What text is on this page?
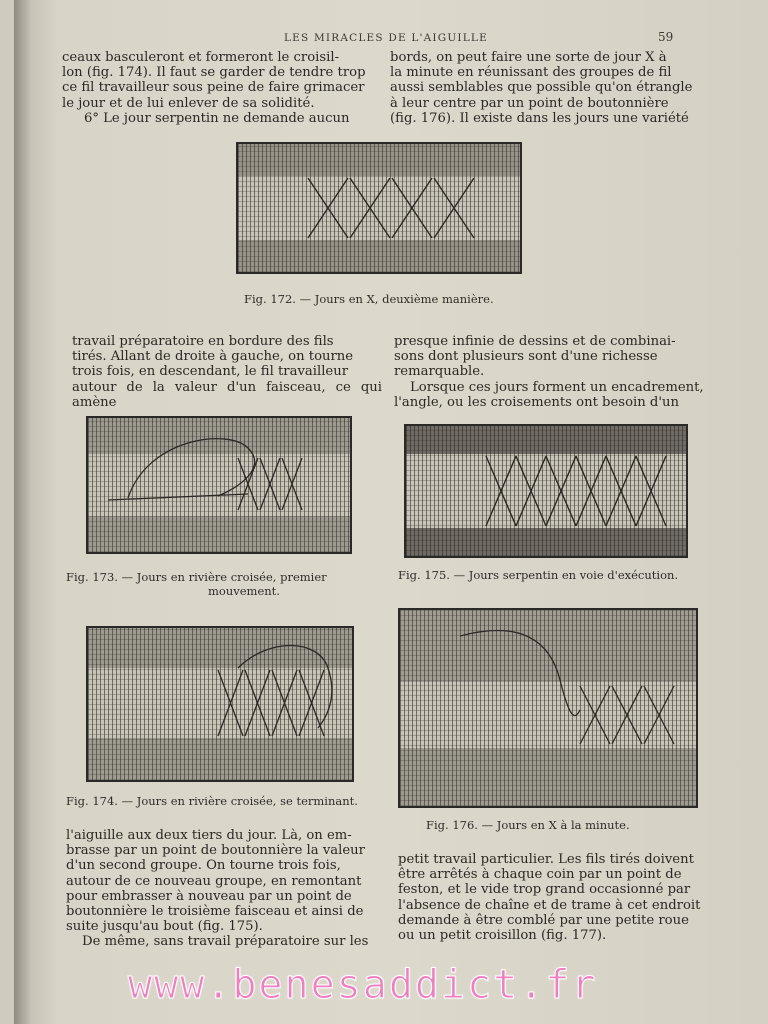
LES MIRACLES DE L'AIGUILLE	59
ceaux basculeront et formeront le croisil-
lon (fig. 174). Il faut se garder de tendre trop
ce fil travailleur sous peine de faire grimacer
le jour et de lui enlever de sa solidité.
6° Le jour serpentin ne demande aucun
bords, on peut faire une sorte de jour X à
la minute en réunissant des groupes de fil
aussi semblables que possible qu'on étrangle
à leur centre par un point de boutonnière
(fig. 176). Il existe dans les jours une variété
Fig. 172. — Jours en X, deuxième manière.
travail préparatoire en bordure des fils
tirés. Allant de droite à gauche, on tourne
trois fois, en descendant, le fil travailleur
autour de la valeur d'un faisceau, ce qui amène
presque infinie de dessins et de combinai-
sons dont plusieurs sont d'une richesse
remarquable.
Lorsque ces jours forment un encadrement,
l'angle, ou les croisements ont besoin d'un
Fig. 173. — Jours en rivière croisée, premier
mouvement.
Fig. 175. — Jours serpentin en voie d'exécution.
Fig. 174. — Jours en rivière croisée, se terminant.
Fig. 176. — Jours en X à la minute.
l'aiguille aux deux tiers du jour. Là, on em-
brasse par un point de boutonnière la valeur
d'un second groupe. On tourne trois fois,
autour de ce nouveau groupe, en remontant
pour embrasser à nouveau par un point de
boutonnière le troisième faisceau et ainsi de
suite jusqu'au bout (fig. 175).
De même, sans travail préparatoire sur les
petit travail particulier. Les fils tirés doivent
être arrêtés à chaque coin par un point de
feston, et le vide trop grand occasionné par
l'absence de chaîne et de trame à cet endroit
demande à être comblé par une petite roue
ou un petit croisillon (fig. 177).
www.benesaddict.fr
